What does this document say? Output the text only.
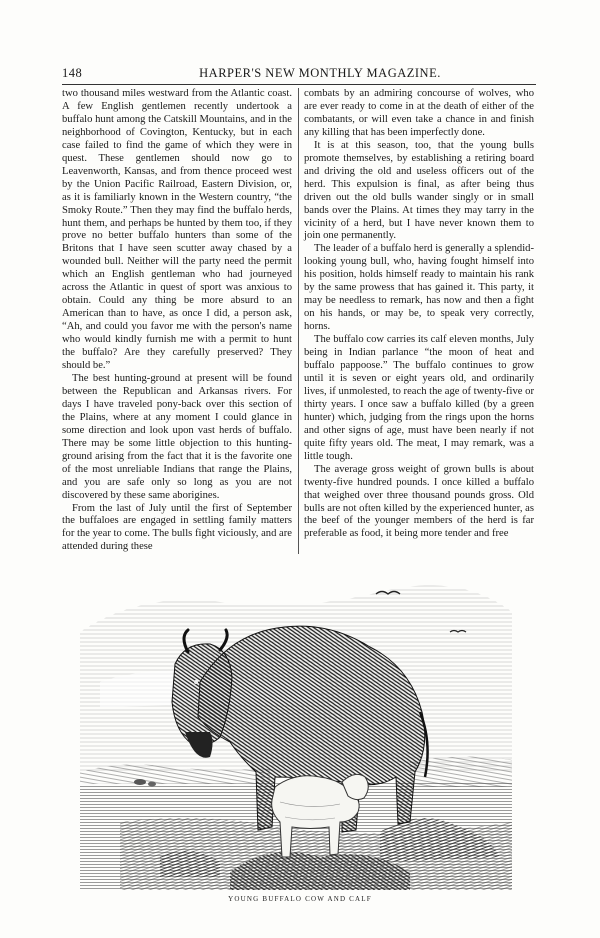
148	HARPER'S NEW MONTHLY MAGAZINE.

two thousand miles westward from the Atlantic coast. A few English gentlemen recently undertook a buffalo hunt among the Catskill Mountains, and in the neighborhood of Covington, Kentucky, but in each case failed to find the game of which they were in quest. These gentlemen should now go to Leavenworth, Kansas, and from thence proceed west by the Union Pacific Railroad, Eastern Division, or, as it is familiarly known in the Western country, “the Smoky Route.” Then they may find the buffalo herds, hunt them, and perhaps be hunted by them too, if they prove no better buffalo hunters than some of the Britons that I have seen scutter away chased by a wounded bull. Neither will the party need the permit which an English gentleman who had journeyed across the Atlantic in quest of sport was anxious to obtain. Could any thing be more absurd to an American than to have, as once I did, a person ask, “Ah, and could you favor me with the person's name who would kindly furnish me with a permit to hunt the buffalo? Are they carefully preserved? They should be.”

The best hunting-ground at present will be found between the Republican and Arkansas rivers. For days I have traveled pony-back over this section of the Plains, where at any moment I could glance in some direction and look upon vast herds of buffalo. There may be some little objection to this hunting-ground arising from the fact that it is the favorite one of the most unreliable Indians that range the Plains, and you are safe only so long as you are not discovered by these same aborigines.

From the last of July until the first of September the buffaloes are engaged in settling family matters for the year to come. The bulls fight viciously, and are attended during these

combats by an admiring concourse of wolves, who are ever ready to come in at the death of either of the combatants, or will even take a chance in and finish any killing that has been imperfectly done.

It is at this season, too, that the young bulls promote themselves, by establishing a retiring board and driving the old and useless officers out of the herd. This expulsion is final, as after being thus driven out the old bulls wander singly or in small bands over the Plains. At times they may tarry in the vicinity of a herd, but I have never known them to join one permanently.

The leader of a buffalo herd is generally a splendid-looking young bull, who, having fought himself into his position, holds himself ready to maintain his rank by the same prowess that has gained it. This party, it may be needless to remark, has now and then a fight on his hands, or may be, to speak very correctly, horns.

The buffalo cow carries its calf eleven months, July being in Indian parlance “the moon of heat and buffalo pappoose.” The buffalo continues to grow until it is seven or eight years old, and ordinarily lives, if unmolested, to reach the age of twenty-five or thirty years. I once saw a buffalo killed (by a green hunter) which, judging from the rings upon the horns and other signs of age, must have been nearly if not quite fifty years old. The meat, I may remark, was a little tough.

The average gross weight of grown bulls is about twenty-five hundred pounds. I once killed a buffalo that weighed over three thousand pounds gross. Old bulls are not often killed by the experienced hunter, as the beef of the younger members of the herd is far preferable as food, it being more tender and free

YOUNG BUFFALO COW AND CALF
